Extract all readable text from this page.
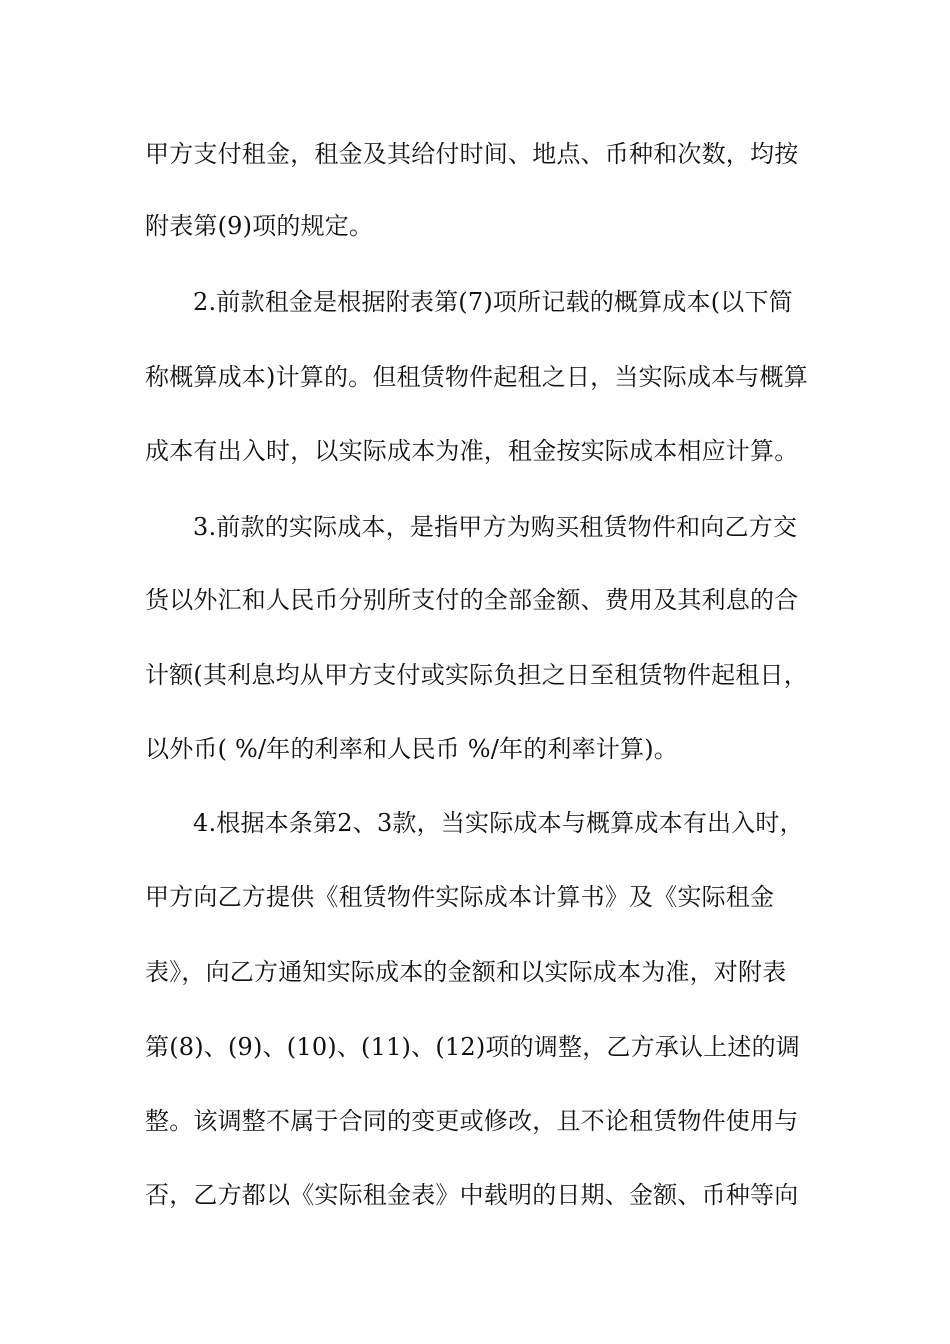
甲方支付租金，租金及其给付时间、地点、币种和次数，均按
附表第(9)项的规定。
2.前款租金是根据附表第(7)项所记载的概算成本(以下简
称概算成本)计算的。但租赁物件起租之日，当实际成本与概算
成本有出入时，以实际成本为准，租金按实际成本相应计算。
3.前款的实际成本，是指甲方为购买租赁物件和向乙方交
货以外汇和人民币分别所支付的全部金额、费用及其利息的合
计额(其利息均从甲方支付或实际负担之日至租赁物件起租日，
以外币( %/年的利率和人民币 %/年的利率计算)。
4.根据本条第2、3款，当实际成本与概算成本有出入时，
甲方向乙方提供《租赁物件实际成本计算书》及《实际租金
表》，向乙方通知实际成本的金额和以实际成本为准，对附表
第(8)、(9)、(10)、(11)、(12)项的调整，乙方承认上述的调
整。该调整不属于合同的变更或修改，且不论租赁物件使用与
否，乙方都以《实际租金表》中载明的日期、金额、币种等向
